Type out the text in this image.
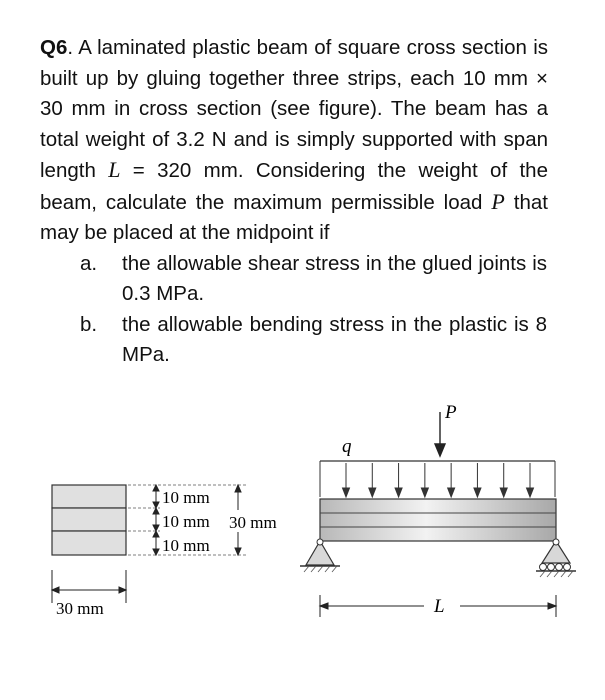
Q6. A laminated plastic beam of square cross section is built up by gluing together three strips, each 10 mm × 30 mm in cross section (see figure). The beam has a total weight of 3.2 N and is simply supported with span length L = 320 mm. Considering the weight of the beam, calculate the maximum permissible load P that may be placed at the midpoint if

a. the allowable shear stress in the glued joints is 0.3 MPa.
b. the allowable bending stress in the plastic is 8 MPa.
10 mm
10 mm
10 mm
30 mm
30 mm
q
P
L
